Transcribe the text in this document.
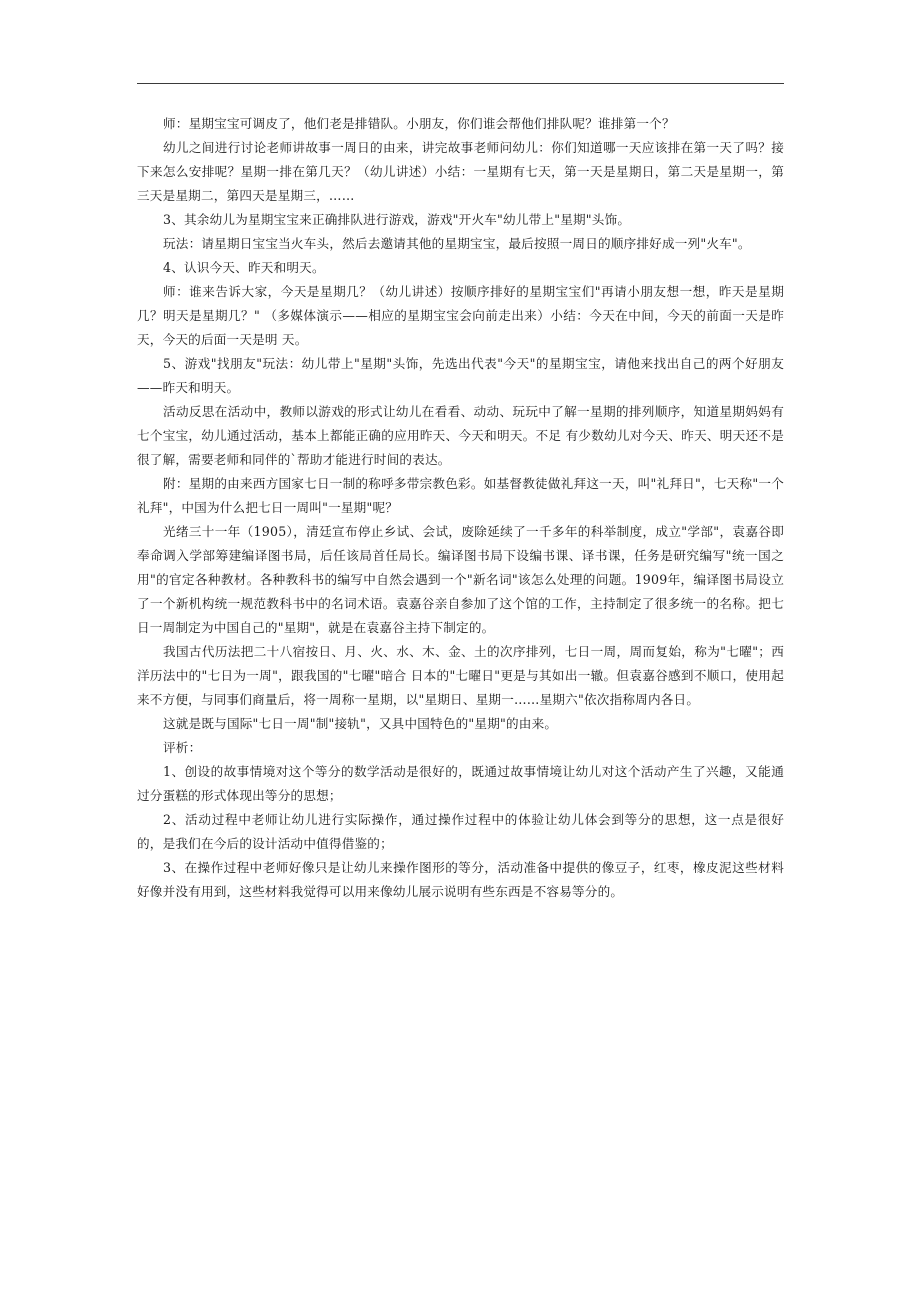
师：星期宝宝可调皮了，他们老是排错队。小朋友，你们谁会帮他们排队呢？谁排第一个？

幼儿之间进行讨论老师讲故事一周日的由来，讲完故事老师问幼儿：你们知道哪一天应该排在第一天了吗？接下来怎么安排呢？星期一排在第几天？（幼儿讲述）小结：一星期有七天，第一天是星期日，第二天是星期一，第三天是星期二，第四天是星期三，……

3、其余幼儿为星期宝宝来正确排队进行游戏，游戏"开火车"幼儿带上"星期"头饰。

玩法：请星期日宝宝当火车头，然后去邀请其他的星期宝宝，最后按照一周日的顺序排好成一列"火车"。

4、认识今天、昨天和明天。

师：谁来告诉大家，今天是星期几？（幼儿讲述）按顺序排好的星期宝宝们"再请小朋友想一想，昨天是星期几？明天是星期几？" （多媒体演示——相应的星期宝宝会向前走出来）小结：今天在中间，今天的前面一天是昨天，今天的后面一天是明 天。

5、游戏"找朋友"玩法：幼儿带上"星期"头饰，先选出代表"今天"的星期宝宝，请他来找出自己的两个好朋友——昨天和明天。

活动反思在活动中，教师以游戏的形式让幼儿在看看、动动、玩玩中了解一星期的排列顺序，知道星期妈妈有七个宝宝，幼儿通过活动，基本上都能正确的应用昨天、今天和明天。不足 有少数幼儿对今天、昨天、明天还不是很了解，需要老师和同伴的`帮助才能进行时间的表达。

附：星期的由来西方国家七日一制的称呼多带宗教色彩。如基督教徒做礼拜这一天，叫"礼拜日"，七天称"一个礼拜"，中国为什么把七日一周叫"一星期"呢？

光绪三十一年（1905），清廷宣布停止乡试、会试，废除延续了一千多年的科举制度，成立"学部"，袁嘉谷即奉命调入学部筹建编译图书局，后任该局首任局长。编译图书局下设编书课、译书课，任务是研究编写"统一国之用"的官定各种教材。各种教科书的编写中自然会遇到一个"新名词"该怎么处理的问题。1909年，编译图书局设立了一个新机构统一规范教科书中的名词术语。袁嘉谷亲自参加了这个馆的工作，主持制定了很多统一的名称。把七日一周制定为中国自己的"星期"，就是在袁嘉谷主持下制定的。

我国古代历法把二十八宿按日、月、火、水、木、金、土的次序排列，七日一周，周而复始，称为"七曜"；西洋历法中的"七日为一周"，跟我国的"七曜"暗合 日本的"七曜日"更是与其如出一辙。但袁嘉谷感到不顺口，使用起来不方便，与同事们商量后，将一周称一星期，以"星期日、星期一……星期六"依次指称周内各日。

这就是既与国际"七日一周"制"接轨"，又具中国特色的"星期"的由来。

评析：

1、创设的故事情境对这个等分的数学活动是很好的，既通过故事情境让幼儿对这个活动产生了兴趣，又能通过分蛋糕的形式体现出等分的思想；

2、活动过程中老师让幼儿进行实际操作，通过操作过程中的体验让幼儿体会到等分的思想，这一点是很好的，是我们在今后的设计活动中值得借鉴的；

3、在操作过程中老师好像只是让幼儿来操作图形的等分，活动准备中提供的像豆子，红枣，橡皮泥这些材料好像并没有用到，这些材料我觉得可以用来像幼儿展示说明有些东西是不容易等分的。
